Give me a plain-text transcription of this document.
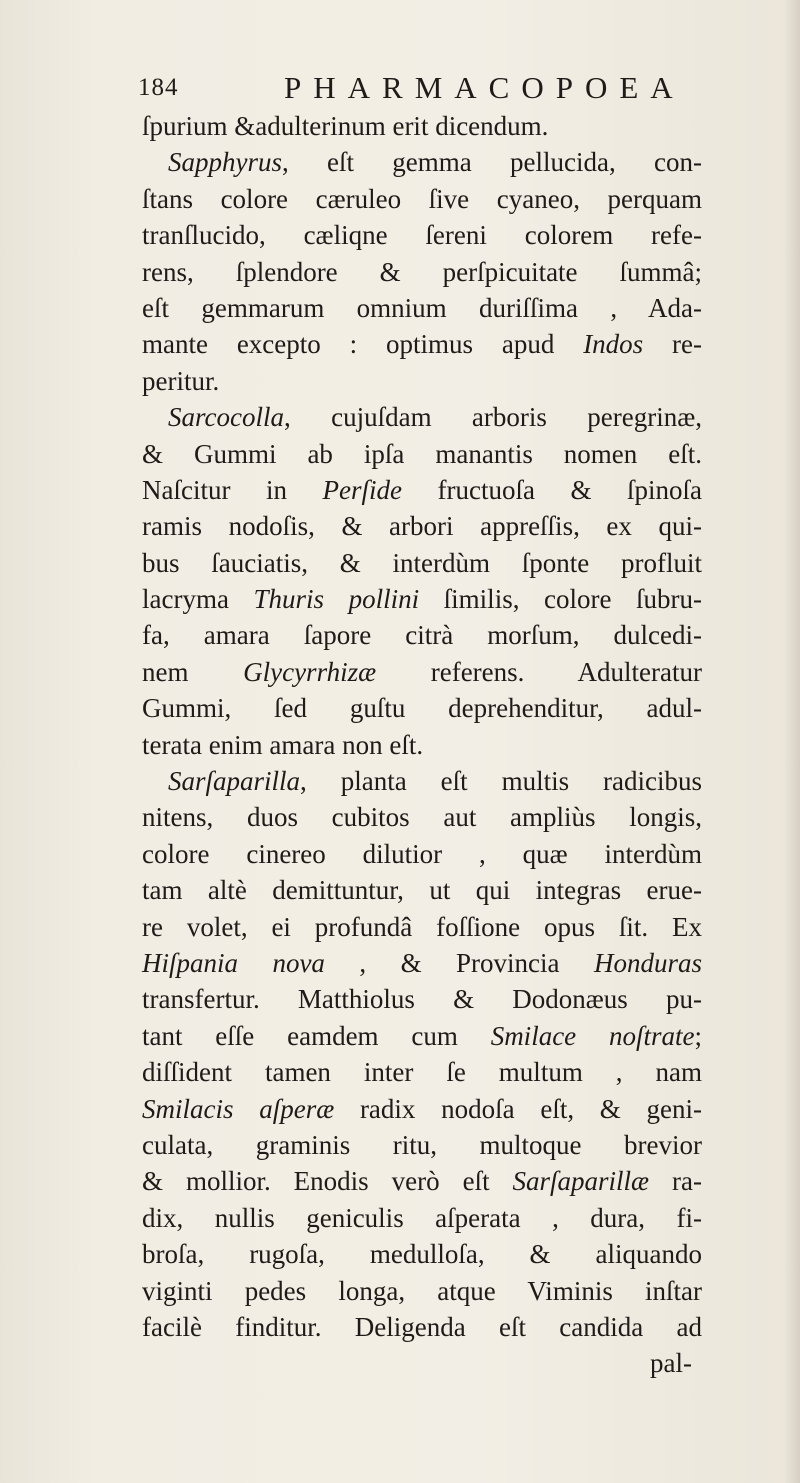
184	PHARMACOPOEA
ſpurium &adulterinum erit dicendum.
Sapphyrus, eſt gemma pellucida, con-
ſtans colore cæruleo ſive cyaneo, perquam
tranſlucido, cæliqne ſereni colorem refe-
rens, ſplendore & perſpicuitate ſummâ;
eſt gemmarum omnium duriſſima , Ada-
mante excepto : optimus apud Indos re-
peritur.
Sarcocolla, cujuſdam arboris peregrinæ,
& Gummi ab ipſa manantis nomen eſt.
Naſcitur in Perſide fructuoſa & ſpinoſa
ramis nodoſis, & arbori appreſſis, ex qui-
bus ſauciatis, & interdùm ſponte profluit
lacryma Thuris pollini ſimilis, colore ſubru-
fa, amara ſapore citrà morſum, dulcedi-
nem Glycyrrhizæ referens. Adulteratur
Gummi, ſed guſtu deprehenditur, adul-
terata enim amara non eſt.
Sarſaparilla, planta eſt multis radicibus
nitens, duos cubitos aut ampliùs longis,
colore cinereo dilutior , quæ interdùm
tam altè demittuntur, ut qui integras erue-
re volet, ei profundâ foſſione opus ſit. Ex
Hiſpania nova , & Provincia Honduras
transfertur. Matthiolus & Dodonæus pu-
tant eſſe eamdem cum Smilace noſtrate;
diſſident tamen inter ſe multum , nam
Smilacis aſperæ radix nodoſa eſt, & geni-
culata, graminis ritu, multoque brevior
& mollior. Enodis verò eſt Sarſaparillæ ra-
dix, nullis geniculis aſperata , dura, fi-
broſa, rugoſa, medulloſa, & aliquando
viginti pedes longa, atque Viminis inſtar
facilè finditur. Deligenda eſt candida ad
pal-
